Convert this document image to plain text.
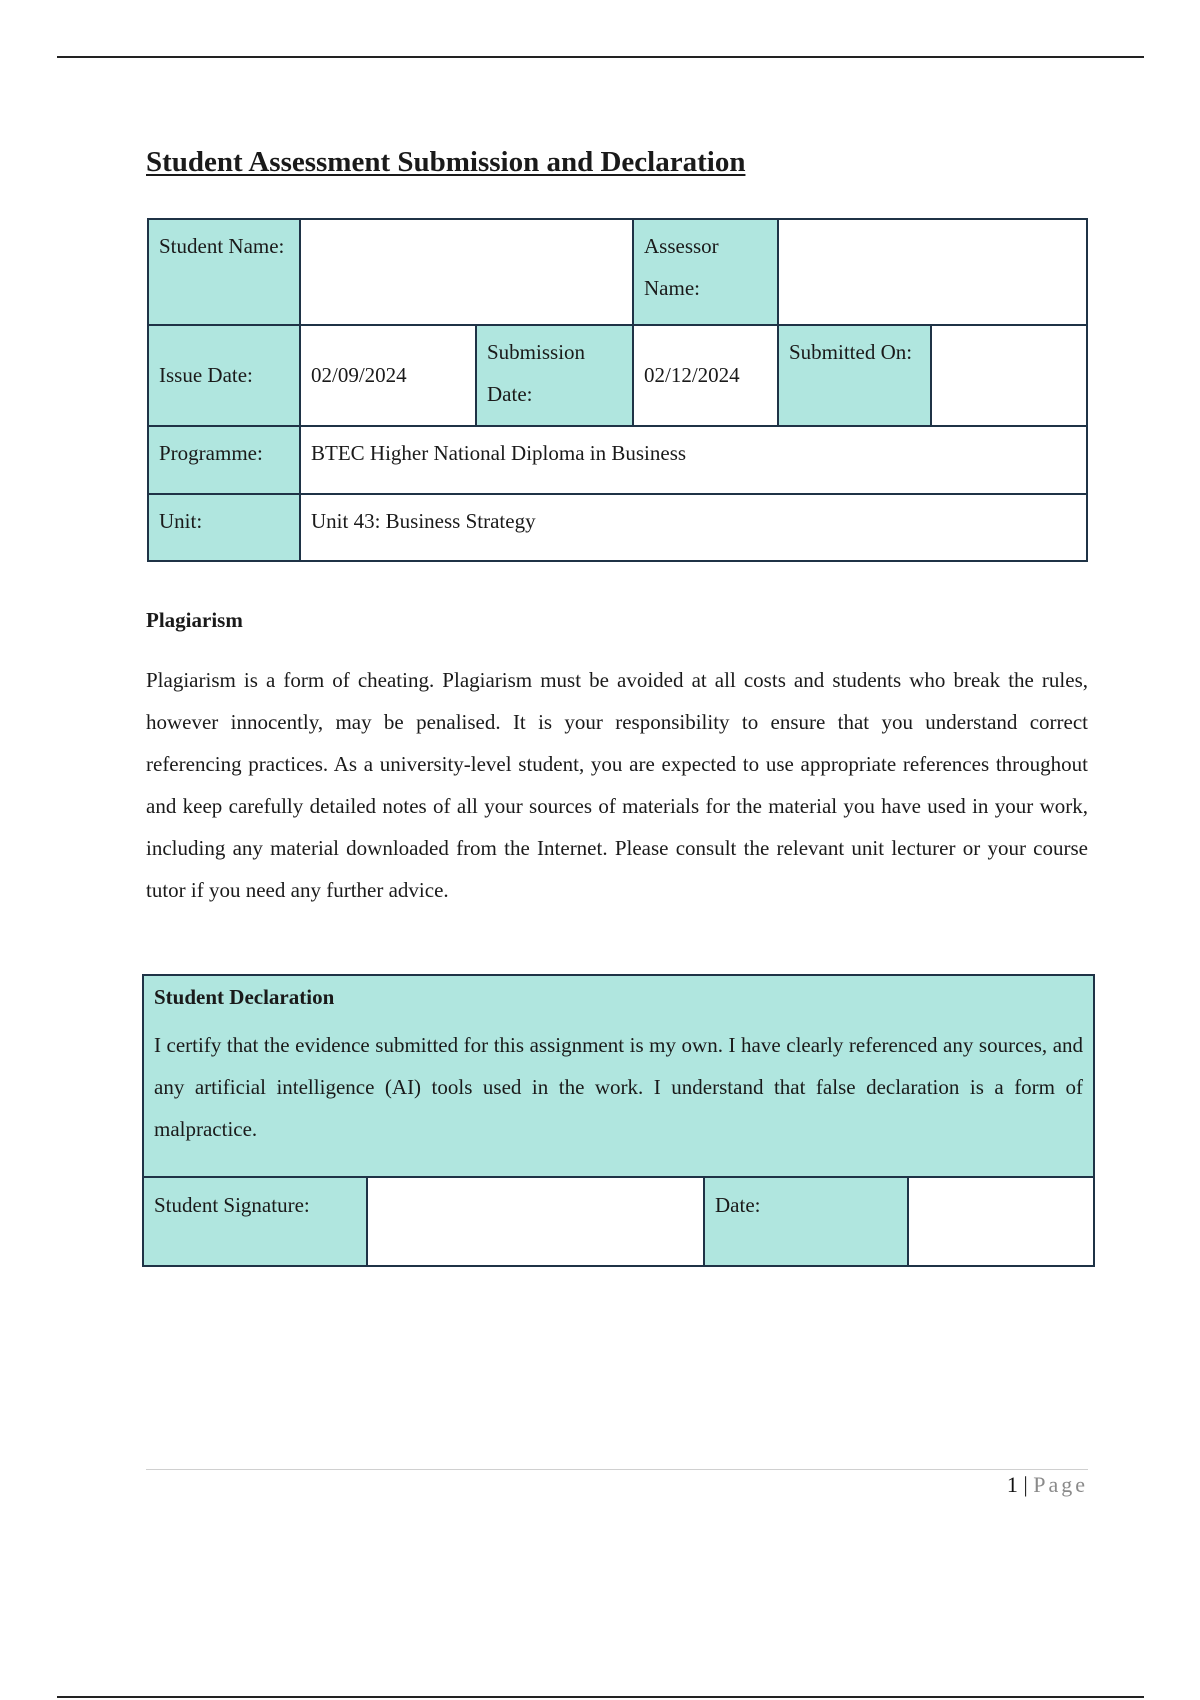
Student Assessment Submission and Declaration
Student Name:			Assessor Name:		
Issue Date:	02/09/2024	Submission Date:	02/12/2024	Submitted On:	
Programme:	BTEC Higher National Diploma in Business				
Unit:	Unit 43: Business Strategy				
Plagiarism

Plagiarism is a form of cheating. Plagiarism must be avoided at all costs and students who break the rules, however innocently, may be penalised. It is your responsibility to ensure that you understand correct referencing practices. As a university-level student, you are expected to use appropriate references throughout and keep carefully detailed notes of all your sources of materials for the material you have used in your work, including any material downloaded from the Internet. Please consult the relevant unit lecturer or your course tutor if you need any further advice.

Student Declaration
I certify that the evidence submitted for this assignment is my own. I have clearly referenced any sources, and any artificial intelligence (AI) tools used in the work. I understand that false declaration is a form of malpractice.

Student Signature:		Date:	
1 | Page
